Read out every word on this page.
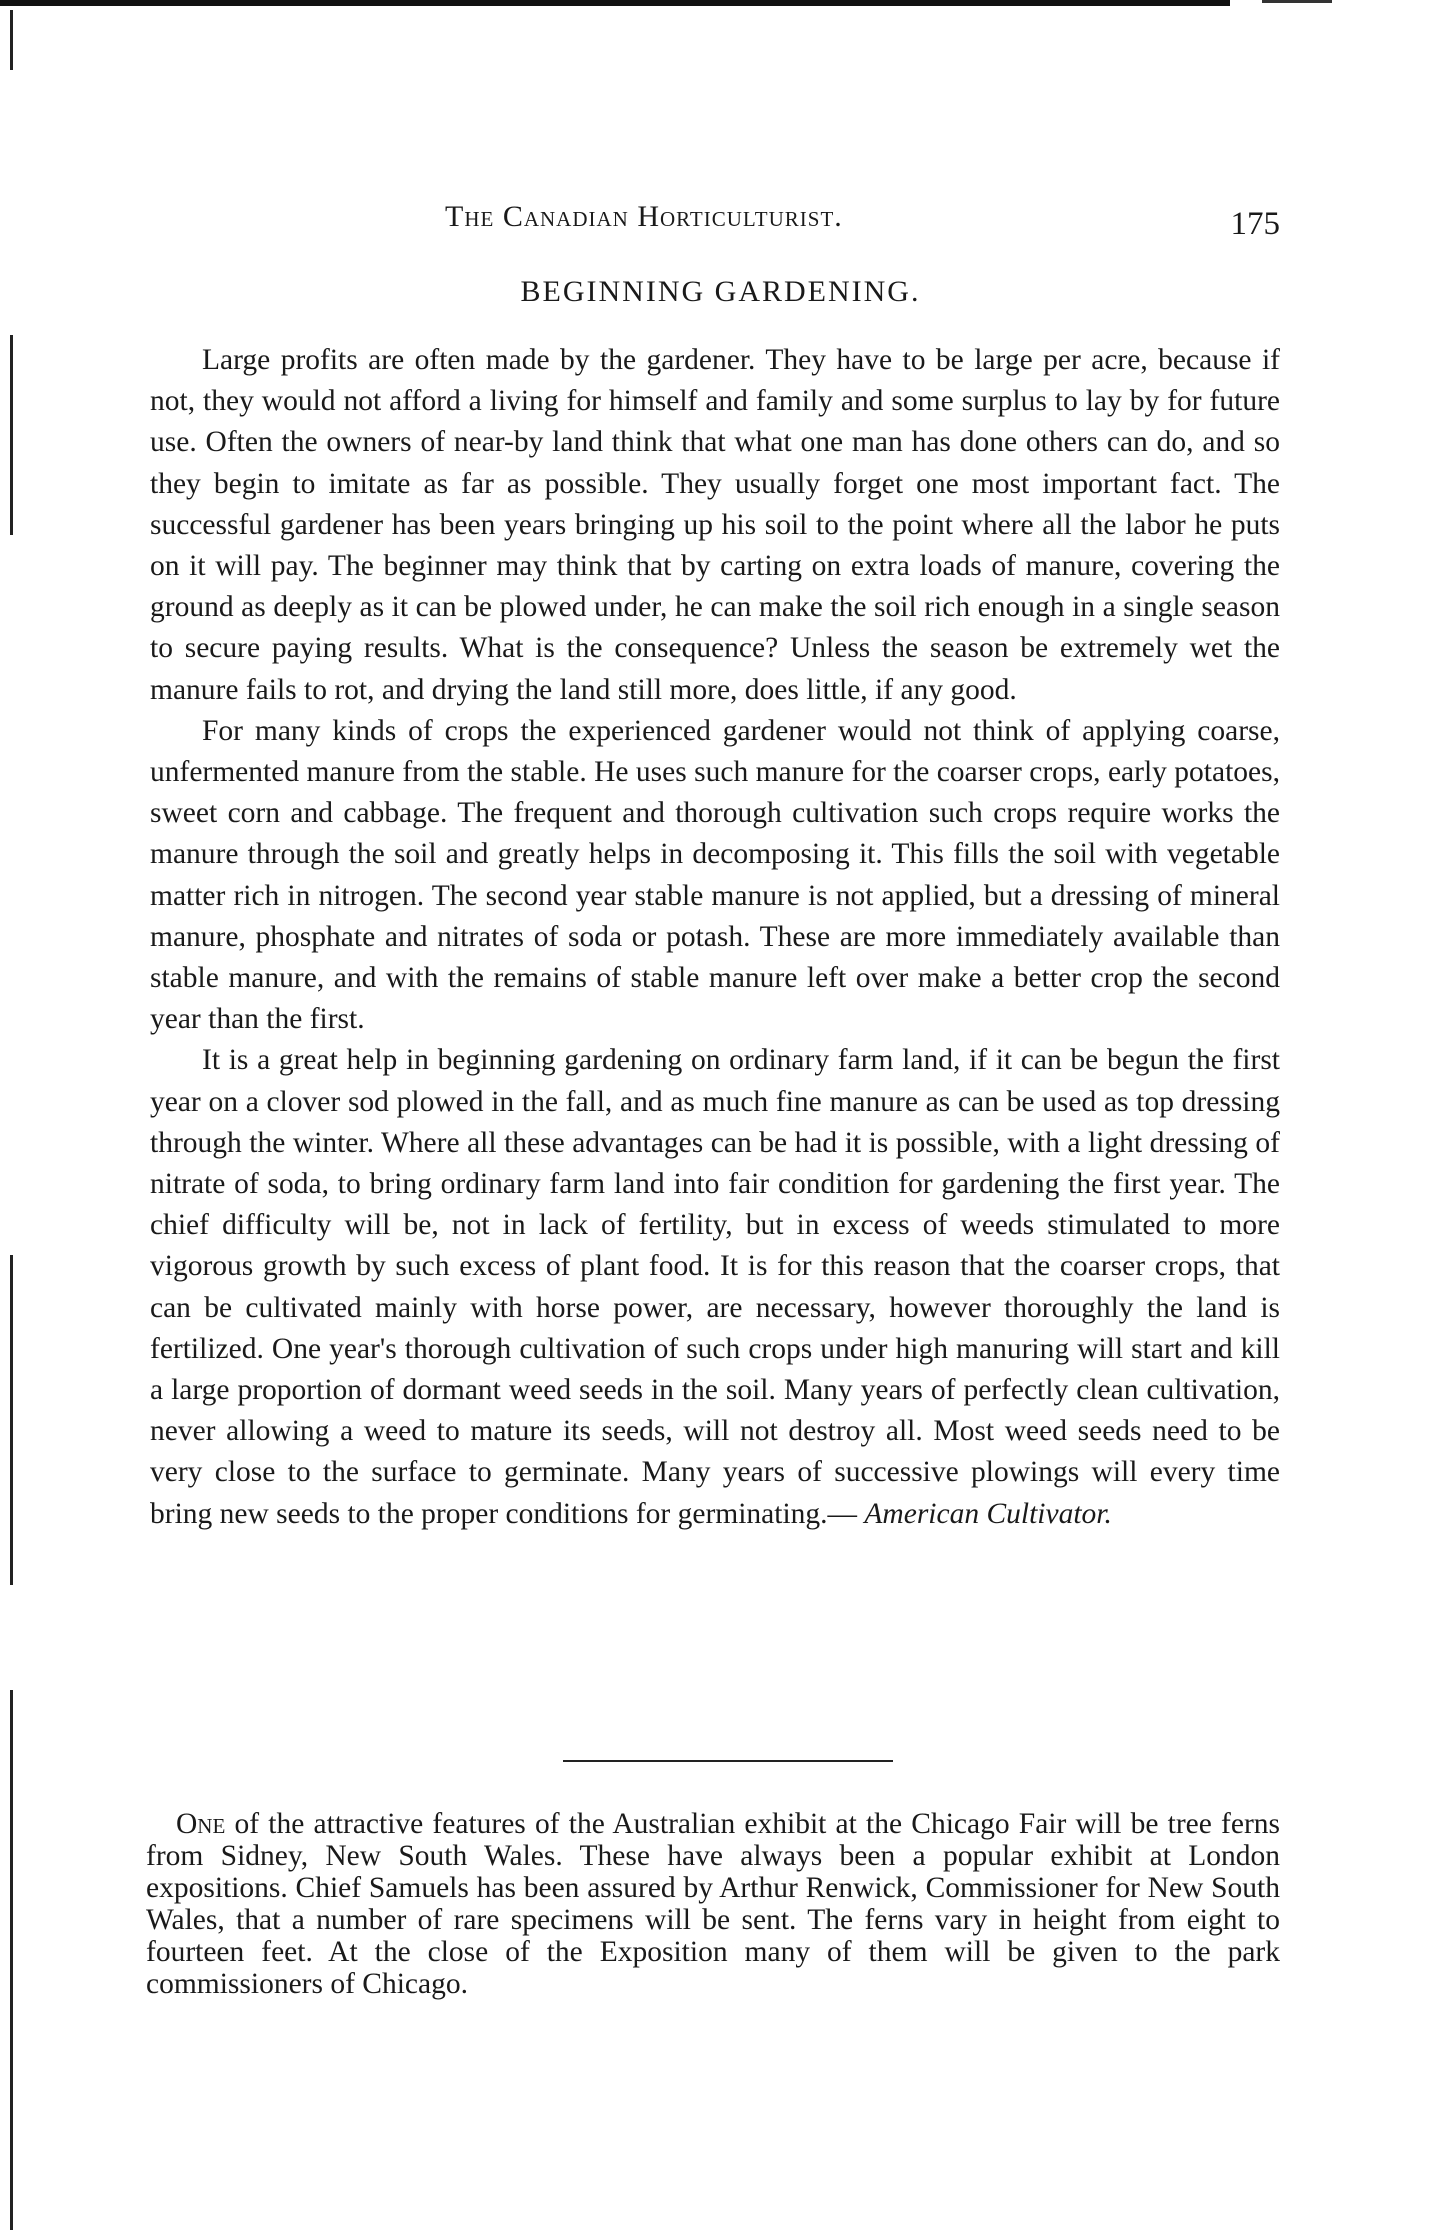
The Canadian Horticulturist.	175
BEGINNING GARDENING.

Large profits are often made by the gardener. They have to be large per acre, because if not, they would not afford a living for himself and family and some surplus to lay by for future use. Often the owners of near-by land think that what one man has done others can do, and so they begin to imitate as far as possible. They usually forget one most important fact. The successful gardener has been years bringing up his soil to the point where all the labor he puts on it will pay. The beginner may think that by carting on extra loads of manure, covering the ground as deeply as it can be plowed under, he can make the soil rich enough in a single season to secure paying results. What is the consequence? Unless the season be extremely wet the manure fails to rot, and drying the land still more, does little, if any good.

For many kinds of crops the experienced gardener would not think of applying coarse, unfermented manure from the stable. He uses such manure for the coarser crops, early potatoes, sweet corn and cabbage. The frequent and thorough cultivation such crops require works the manure through the soil and greatly helps in decomposing it. This fills the soil with vegetable matter rich in nitrogen. The second year stable manure is not applied, but a dressing of mineral manure, phosphate and nitrates of soda or potash. These are more immediately available than stable manure, and with the remains of stable manure left over make a better crop the second year than the first.

It is a great help in beginning gardening on ordinary farm land, if it can be begun the first year on a clover sod plowed in the fall, and as much fine manure as can be used as top dressing through the winter. Where all these advantages can be had it is possible, with a light dressing of nitrate of soda, to bring ordinary farm land into fair condition for gardening the first year. The chief difficulty will be, not in lack of fertility, but in excess of weeds stimulated to more vigorous growth by such excess of plant food. It is for this reason that the coarser crops, that can be cultivated mainly with horse power, are necessary, however thoroughly the land is fertilized. One year's thorough cultivation of such crops under high manuring will start and kill a large proportion of dormant weed seeds in the soil. Many years of perfectly clean cultivation, never allowing a weed to mature its seeds, will not destroy all. Most weed seeds need to be very close to the surface to germinate. Many years of successive plowings will every time bring new seeds to the proper conditions for germinating.— American Cultivator.

One of the attractive features of the Australian exhibit at the Chicago Fair will be tree ferns from Sidney, New South Wales. These have always been a popular exhibit at London expositions. Chief Samuels has been assured by Arthur Renwick, Commissioner for New South Wales, that a number of rare specimens will be sent. The ferns vary in height from eight to fourteen feet. At the close of the Exposition many of them will be given to the park commissioners of Chicago.
